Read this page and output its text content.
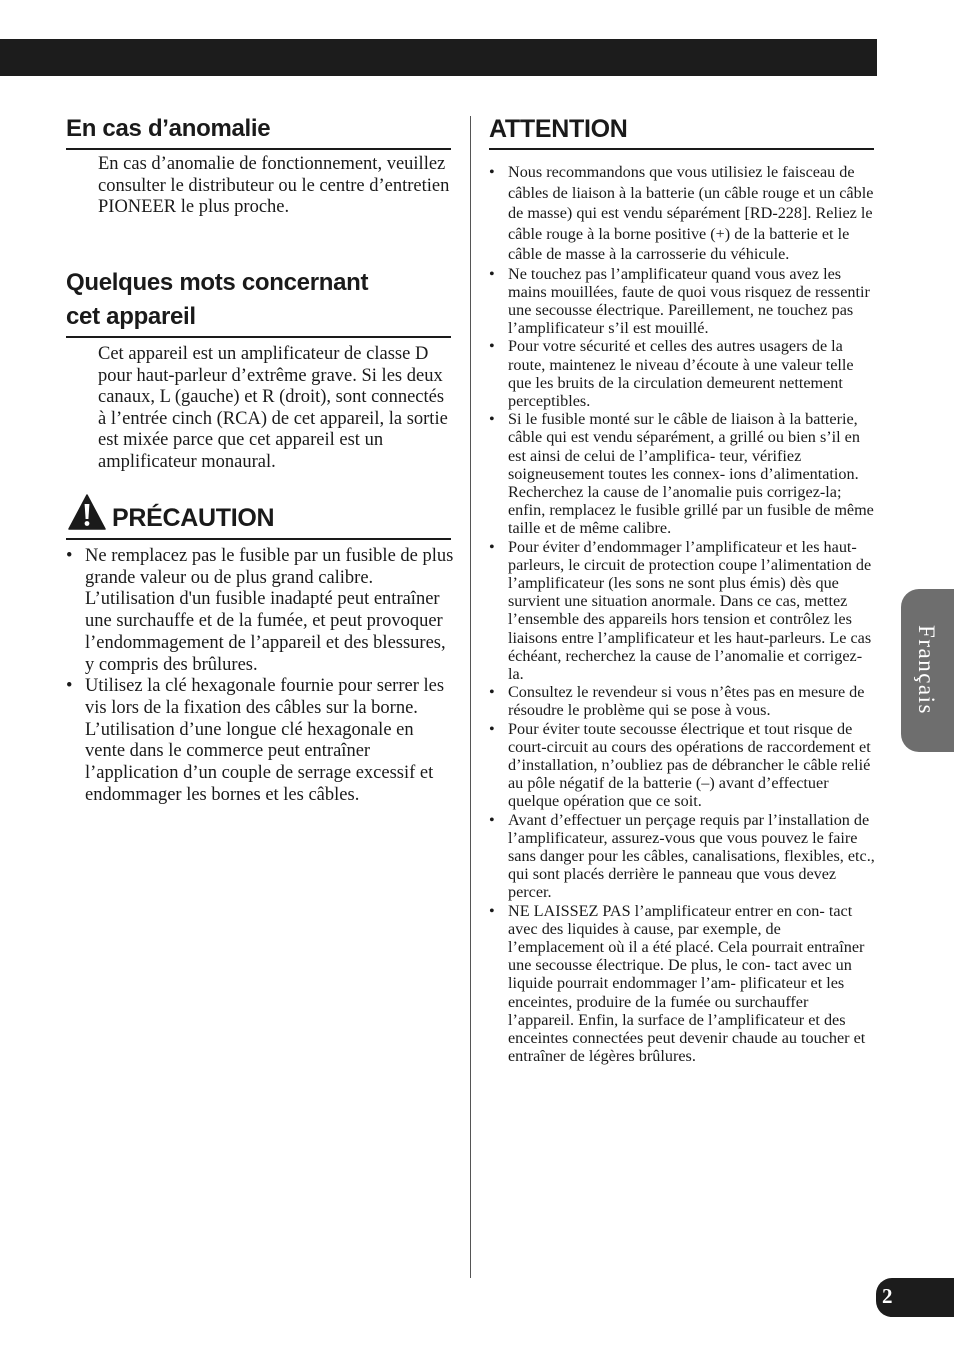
En cas d’anomalie

En cas d’anomalie de fonctionnement, veuillez consulter le distributeur ou le centre d’entretien PIONEER le plus proche.

Quelques mots concernant
cet appareil

Cet appareil est un amplificateur de classe D pour haut-parleur d’extrême grave. Si les deux canaux, L (gauche) et R (droit), sont connectés à l’entrée cinch (RCA) de cet appareil, la sortie est mixée parce que cet appareil est un amplificateur monaural.

PRÉCAUTION
• Ne remplacez pas le fusible par un fusible de plus grande valeur ou de plus grand calibre. L’utilisation d'un fusible inadapté peut entraîner une surchauffe et de la fumée, et peut provoquer l’endommagement de l’appareil et des blessures, y compris des brûlures.
• Utilisez la clé hexagonale fournie pour serrer les vis lors de la fixation des câbles sur la borne. L’utilisation d’une longue clé hexagonale en vente dans le commerce peut entraîner l’application d’un couple de serrage excessif et endommager les bornes et les câbles.
ATTENTION
• Nous recommandons que vous utilisiez le faisceau de câbles de liaison à la batterie (un câble rouge et un câble de masse) qui est vendu séparément [RD-228]. Reliez le câble rouge à la borne positive (+) de la batterie et le câble de masse à la carrosserie du véhicule.
• Ne touchez pas l’amplificateur quand vous avez les mains mouillées, faute de quoi vous risquez de ressentir une secousse électrique. Pareillement, ne touchez pas l’amplificateur s’il est mouillé.
• Pour votre sécurité et celles des autres usagers de la route, maintenez le niveau d’écoute à une valeur telle que les bruits de la circulation demeurent nettement perceptibles.
• Si le fusible monté sur le câble de liaison à la batterie, câble qui est vendu séparément, a grillé ou bien s’il en est ainsi de celui de l’amplifica- teur, vérifiez soigneusement toutes les connex- ions d’alimentation. Recherchez la cause de l’anomalie puis corrigez-la; enfin, remplacez le fusible grillé par un fusible de même taille et de même calibre.
• Pour éviter d’endommager l’amplificateur et les haut-parleurs, le circuit de protection coupe l’alimentation de l’amplificateur (les sons ne sont plus émis) dès que survient une situation anormale. Dans ce cas, mettez l’ensemble des appareils hors tension et contrôlez les liaisons entre l’amplificateur et les haut-parleurs. Le cas échéant, recherchez la cause de l’anomalie et corrigez-la.
• Consultez le revendeur si vous n’êtes pas en mesure de résoudre le problème qui se pose à vous.
• Pour éviter toute secousse électrique et tout risque de court-circuit au cours des opérations de raccordement et d’installation, n’oubliez pas de débrancher le câble relié au pôle négatif de la batterie (–) avant d’effectuer quelque opération que ce soit.
• Avant d’effectuer un perçage requis par l’installation de l’amplificateur, assurez-vous que vous pouvez le faire sans danger pour les câbles, canalisations, flexibles, etc., qui sont placés derrière le panneau que vous devez percer.
• NE LAISSEZ PAS l’amplificateur entrer en con- tact avec des liquides à cause, par exemple, de l’emplacement où il a été placé. Cela pourrait entraîner une secousse électrique. De plus, le con- tact avec un liquide pourrait endommager l’am- plificateur et les enceintes, produire de la fumée ou surchauffer l’appareil. Enfin, la surface de l’amplificateur et des enceintes connectées peut devenir chaude au toucher et entraîner de légères brûlures.
Français
2
